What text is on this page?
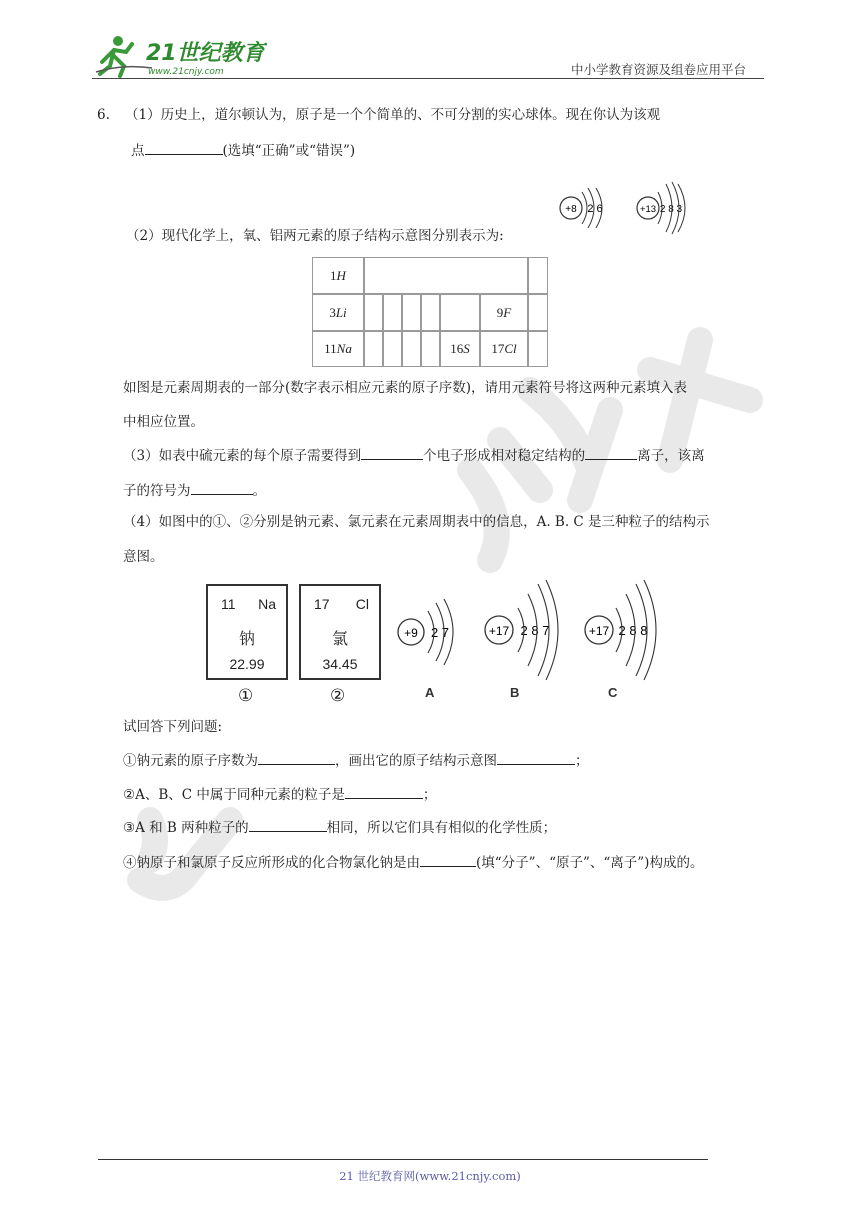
21世纪教育
www.21cnjy.com	中小学教育资源及组卷应用平台
6. （1）历史上，道尔顿认为，原子是一个个简单的、不可分割的实心球体。现在你认为该观
点	(选填“正确”或“错误”)
+8 2 6	+13 2 8 3
（2）现代化学上，氧、铝两元素的原子结构示意图分别表示为:
1 H
3 Li	9 F
11 Na	16 S 17 Cl
如图是元素周期表的一部分(数字表示相应元素的原子序数)，请用元素符号将这两种元素填入表
中相应位置。
（3）如表中硫元素的每个原子需要得到	个电子形成相对稳定结构的	离子，该离
子的符号为	。
（4）如图中的①、②分别是钠元素、氯元素在元素周期表中的信息，A. B. C 是三种粒子的结构示
意图。
11 Na
钠
22.99
①
17 Cl
氯
34.45
②
+9 2 7
A
+17 2 8 7
B
+17 2 8 8
C
试回答下列问题:
①钠元素的原子序数为	，画出它的原子结构示意图	；
②A、B、C 中属于同种元素的粒子是	；
③A 和 B 两种粒子的	相同，所以它们具有相似的化学性质；
④钠原子和氯原子反应所形成的化合物氯化钠是由	(填“分子”、“原子”、“离子”)构成的。
21 世纪教育网(www.21cnjy.com)
